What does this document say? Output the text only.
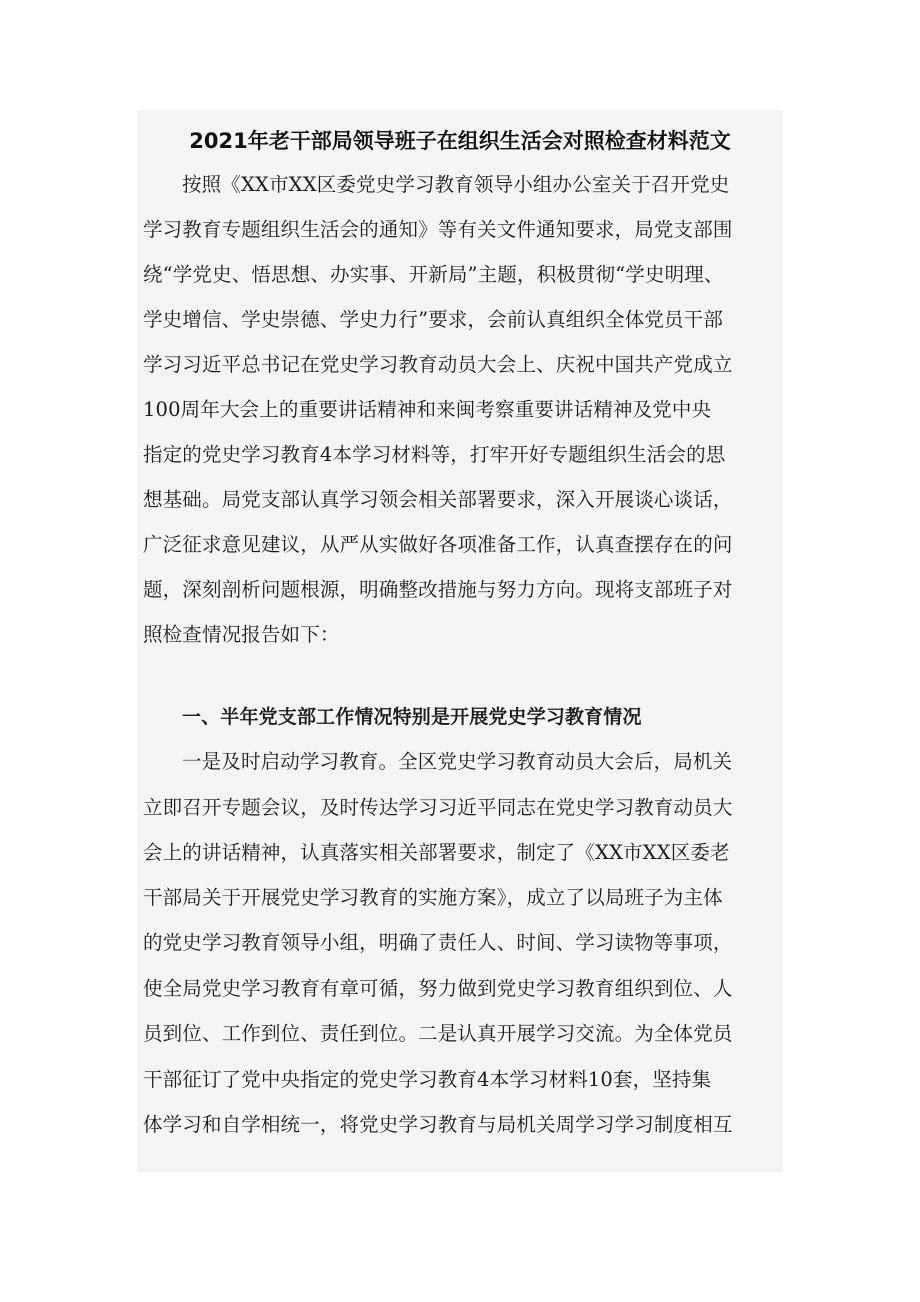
2021年老干部局领导班子在组织生活会对照检查材料范文
按照《XX市XX区委党史学习教育领导小组办公室关于召开党史
学习教育专题组织生活会的通知》等有关文件通知要求，局党支部围
绕“学党史、悟思想、办实事、开新局”主题，积极贯彻“学史明理、
学史增信、学史崇德、学史力行”要求，会前认真组织全体党员干部
学习习近平总书记在党史学习教育动员大会上、庆祝中国共产党成立
100周年大会上的重要讲话精神和来闽考察重要讲话精神及党中央
指定的党史学习教育4本学习材料等，打牢开好专题组织生活会的思
想基础。局党支部认真学习领会相关部署要求，深入开展谈心谈话，
广泛征求意见建议，从严从实做好各项准备工作，认真查摆存在的问
题，深刻剖析问题根源，明确整改措施与努力方向。现将支部班子对
照检查情况报告如下：
一、半年党支部工作情况特别是开展党史学习教育情况
一是及时启动学习教育。全区党史学习教育动员大会后，局机关
立即召开专题会议，及时传达学习习近平同志在党史学习教育动员大
会上的讲话精神，认真落实相关部署要求，制定了《XX市XX区委老
干部局关于开展党史学习教育的实施方案》，成立了以局班子为主体
的党史学习教育领导小组，明确了责任人、时间、学习读物等事项，
使全局党史学习教育有章可循，努力做到党史学习教育组织到位、人
员到位、工作到位、责任到位。二是认真开展学习交流。为全体党员
干部征订了党中央指定的党史学习教育4本学习材料10套，坚持集
体学习和自学相统一，将党史学习教育与局机关周学习学习制度相互
